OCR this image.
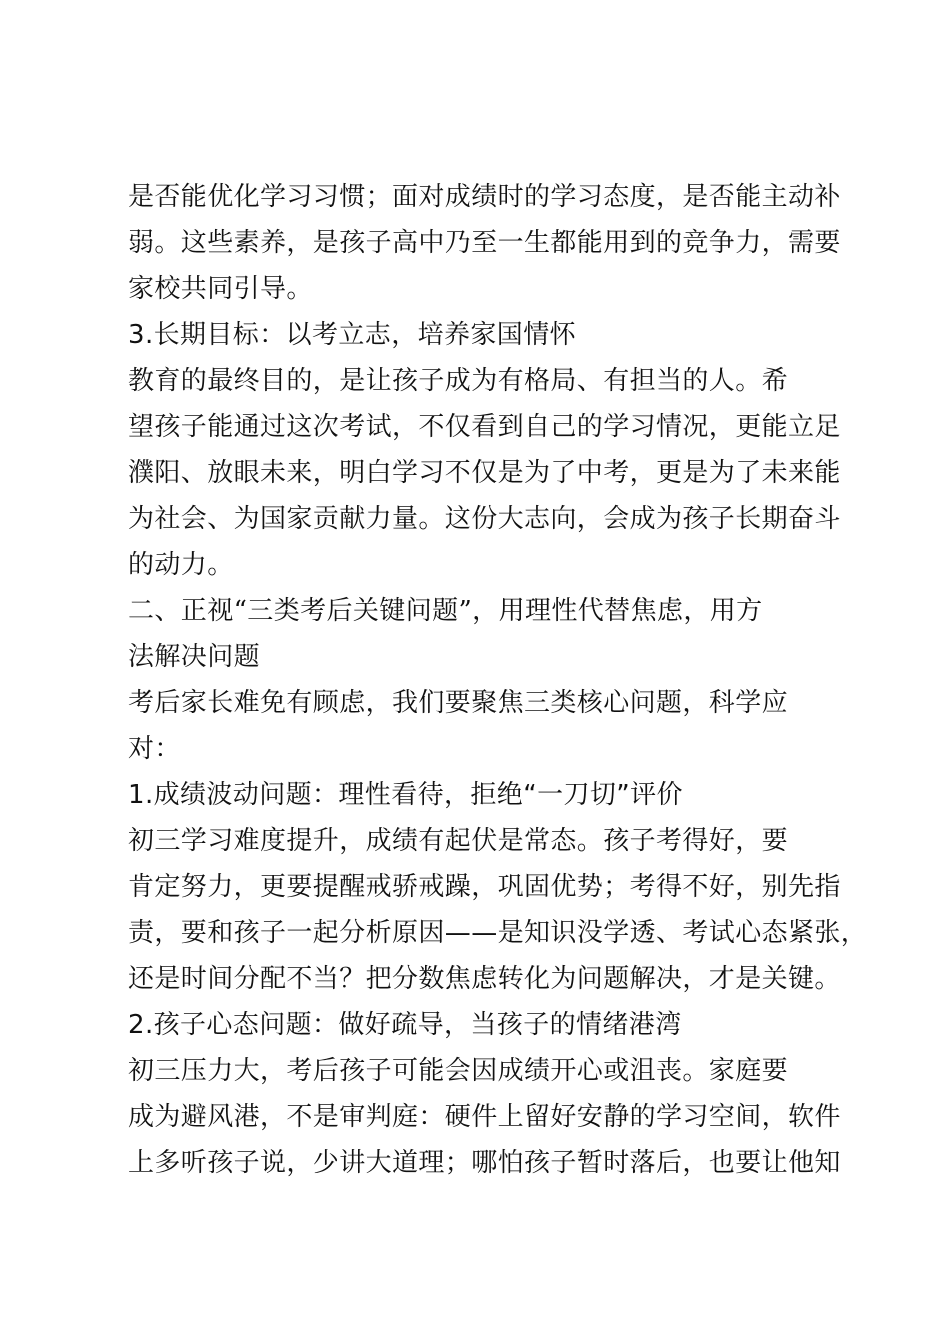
是否能优化学习习惯；面对成绩时的学习态度，是否能主动补
弱。这些素养，是孩子高中乃至一生都能用到的竞争力，需要
家校共同引导。
3.长期目标：以考立志，培养家国情怀
教育的最终目的，是让孩子成为有格局、有担当的人。希
望孩子能通过这次考试，不仅看到自己的学习情况，更能立足
濮阳、放眼未来，明白学习不仅是为了中考，更是为了未来能
为社会、为国家贡献力量。这份大志向，会成为孩子长期奋斗
的动力。
二、正视“三类考后关键问题”，用理性代替焦虑，用方
法解决问题
考后家长难免有顾虑，我们要聚焦三类核心问题，科学应
对：
1.成绩波动问题：理性看待，拒绝“一刀切”评价
初三学习难度提升，成绩有起伏是常态。孩子考得好，要
肯定努力，更要提醒戒骄戒躁，巩固优势；考得不好，别先指
责，要和孩子一起分析原因——是知识没学透、考试心态紧张，
还是时间分配不当？把分数焦虑转化为问题解决，才是关键。
2.孩子心态问题：做好疏导，当孩子的情绪港湾
初三压力大，考后孩子可能会因成绩开心或沮丧。家庭要
成为避风港，不是审判庭：硬件上留好安静的学习空间，软件
上多听孩子说，少讲大道理；哪怕孩子暂时落后，也要让他知
